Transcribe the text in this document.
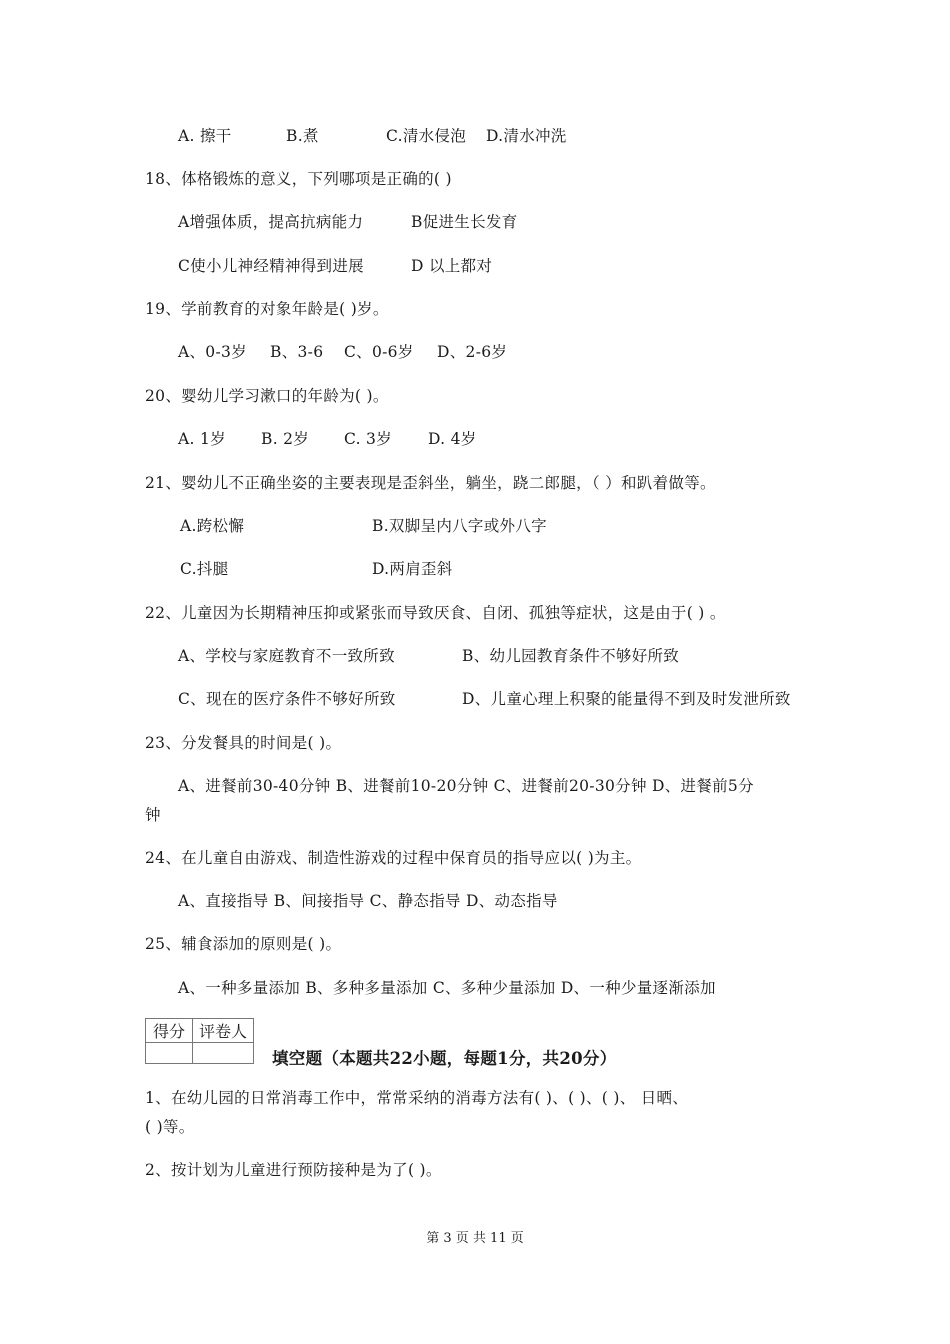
A. 擦干	B.煮	C.清水侵泡 D.清水冲洗
18、体格锻炼的意义，下列哪项是正确的( )
A增强体质，提高抗病能力	B促进生长发育
C使小儿神经精神得到进展	D 以上都对
19、学前教育的对象年龄是( )岁。
A、0-3岁 B、3-6 C、0-6岁 D、2-6岁
20、婴幼儿学习漱口的年龄为( )。
A. 1岁 B. 2岁 C. 3岁 D. 4岁
21、婴幼儿不正确坐姿的主要表现是歪斜坐，躺坐，跷二郎腿，（ ）和趴着做等。
A.跨松懈	B.双脚呈内八字或外八字
C.抖腿	D.两肩歪斜
22、儿童因为长期精神压抑或紧张而导致厌食、自闭、孤独等症状，这是由于( ) 。
A、学校与家庭教育不一致所致	B、幼儿园教育条件不够好所致
C、现在的医疗条件不够好所致	D、儿童心理上积聚的能量得不到及时发泄所致
23、分发餐具的时间是( )。
A、进餐前30-40分钟 B、进餐前10-20分钟 C、进餐前20-30分钟 D、进餐前5分
钟
24、在儿童自由游戏、制造性游戏的过程中保育员的指导应以( )为主。
A、直接指导 B、间接指导 C、静态指导 D、动态指导
25、辅食添加的原则是( )。
A、一种多量添加 B、多种多量添加 C、多种少量添加 D、一种少量逐渐添加
得分	评卷人

填空题（本题共22小题，每题1分，共20分）
1、在幼儿园的日常消毒工作中，常常采纳的消毒方法有( )、( )、( )、 日晒、
( )等。
2、按计划为儿童进行预防接种是为了( )。
第 3 页 共 11 页
